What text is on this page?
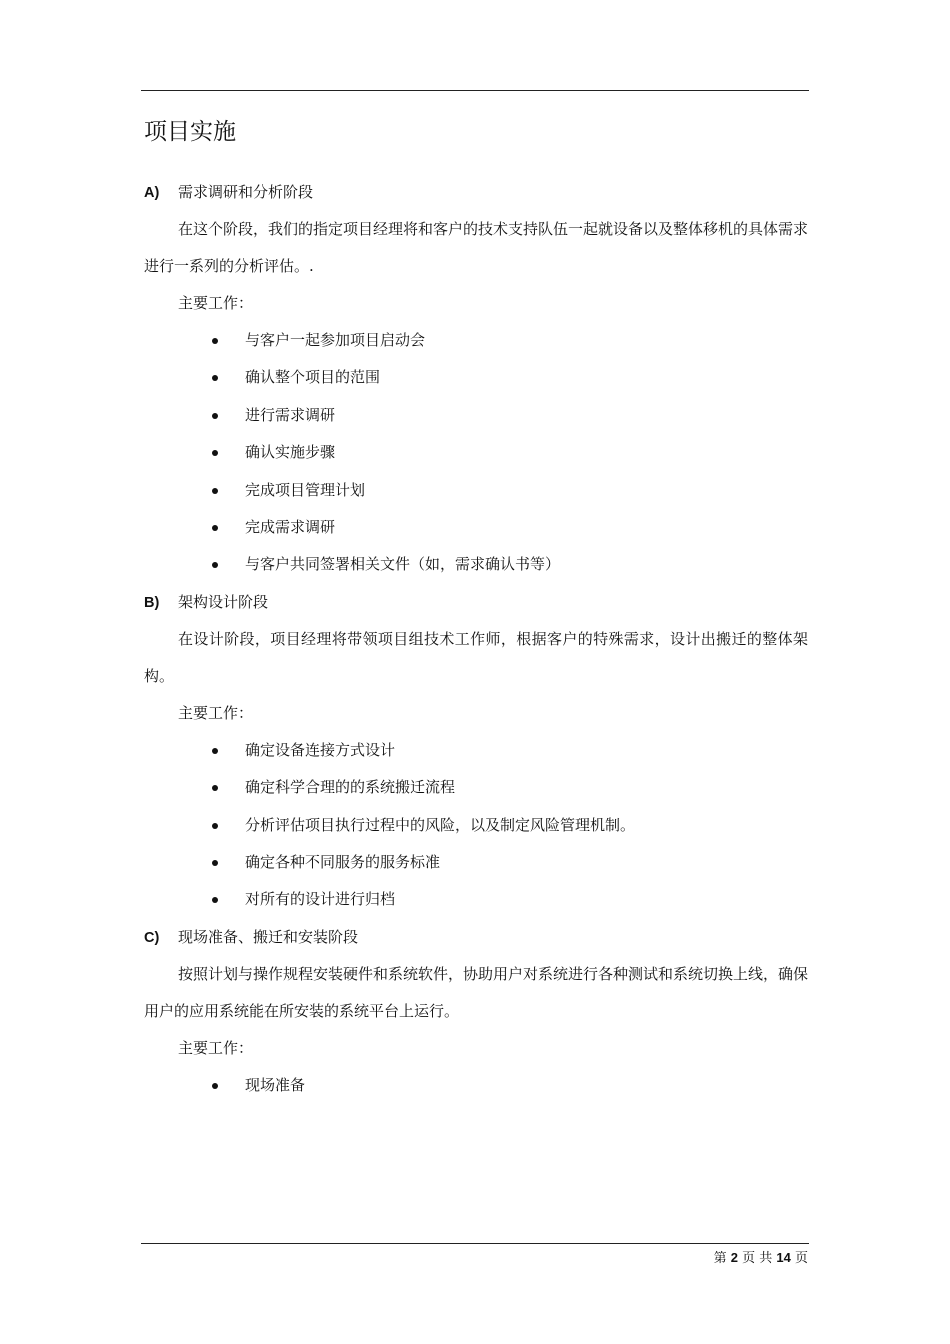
项目实施
A)	需求调研和分析阶段

在这个阶段，我们的指定项目经理将和客户的技术支持队伍一起就设备以及整体移机的具体需求进行一系列的分析评估。.

主要工作：

与客户一起参加项目启动会
确认整个项目的范围
进行需求调研
确认实施步骤
完成项目管理计划
完成需求调研
与客户共同签署相关文件（如，需求确认书等）
B)	架构设计阶段

在设计阶段，项目经理将带领项目组技术工作师，根据客户的特殊需求，设计出搬迁的整体架构。

主要工作：

确定设备连接方式设计
确定科学合理的的系统搬迁流程
分析评估项目执行过程中的风险，以及制定风险管理机制。
确定各种不同服务的服务标准
对所有的设计进行归档
C)	现场准备、搬迁和安装阶段

按照计划与操作规程安装硬件和系统软件，协助用户对系统进行各种测试和系统切换上线，确保用户的应用系统能在所安装的系统平台上运行。

主要工作：

现场准备
第 2 页 共 14 页
